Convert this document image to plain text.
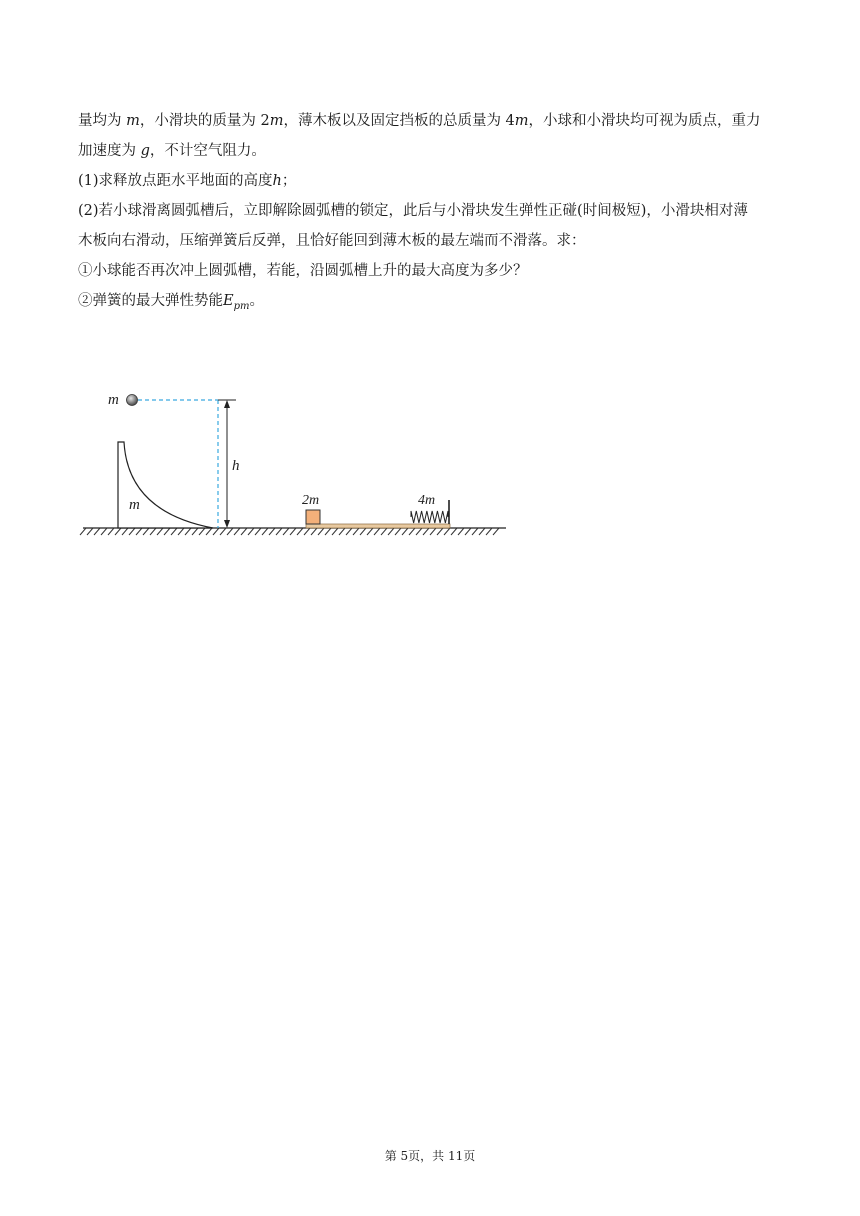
量均为 m，小滑块的质量为 2m，薄木板以及固定挡板的总质量为 4m，小球和小滑块均可视为质点，重力

加速度为 g，不计空气阻力。

(1)求释放点距水平地面的高度h；

(2)若小球滑离圆弧槽后，立即解除圆弧槽的锁定，此后与小滑块发生弹性正碰(时间极短)，小滑块相对薄

木板向右滑动，压缩弹簧后反弹，且恰好能回到薄木板的最左端而不滑落。求：

①小球能否再次冲上圆弧槽，若能，沿圆弧槽上升的最大高度为多少？

②弹簧的最大弹性势能$E_{pm}$。

m
m
h
2m	4m
第 5页，共 11页
